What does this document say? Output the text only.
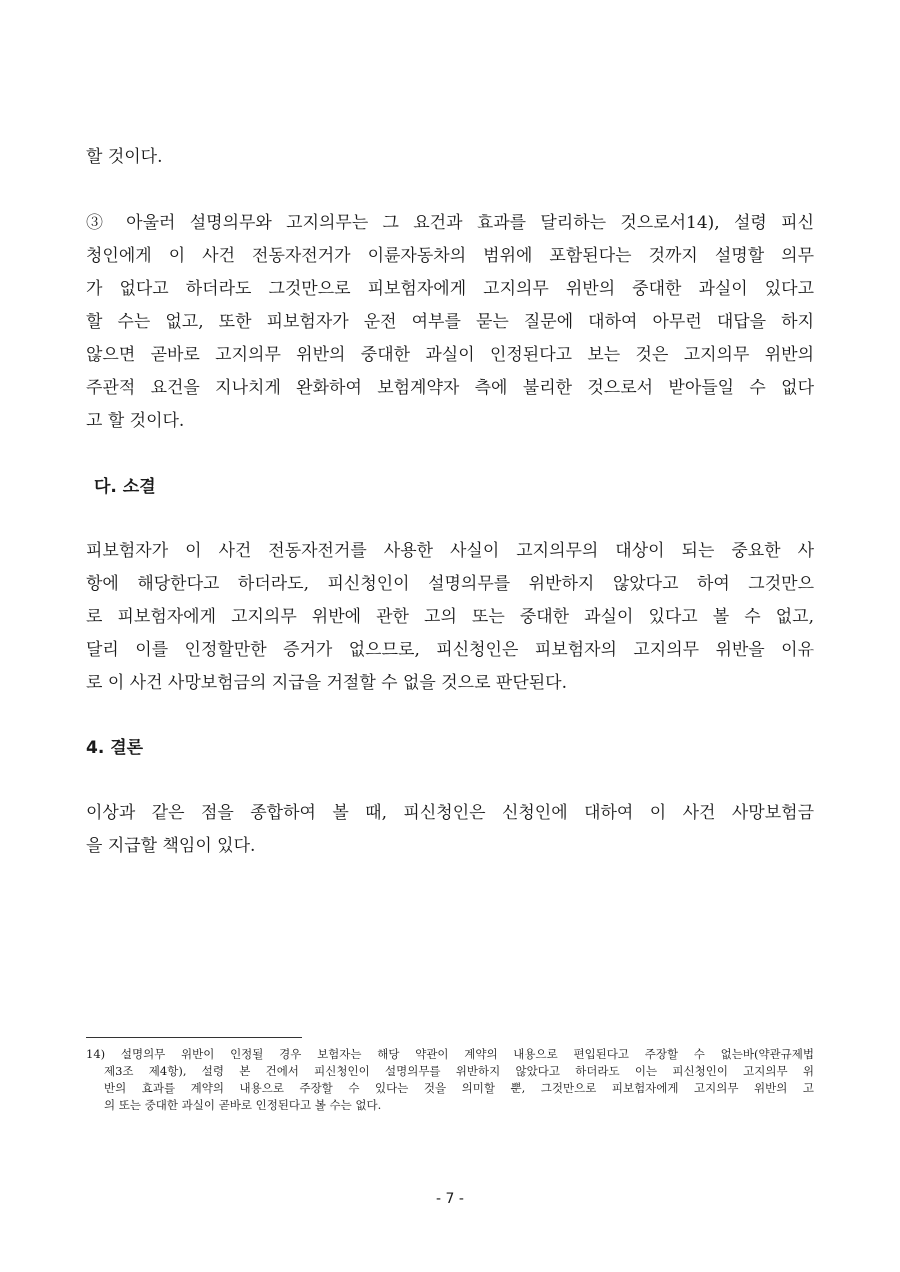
할 것이다.
③ 아울러 설명의무와 고지의무는 그 요건과 효과를 달리하는 것으로서14), 설령 피신
청인에게 이 사건 전동자전거가 이륜자동차의 범위에 포함된다는 것까지 설명할 의무
가 없다고 하더라도 그것만으로 피보험자에게 고지의무 위반의 중대한 과실이 있다고
할 수는 없고, 또한 피보험자가 운전 여부를 묻는 질문에 대하여 아무런 대답을 하지
않으면 곧바로 고지의무 위반의 중대한 과실이 인정된다고 보는 것은 고지의무 위반의
주관적 요건을 지나치게 완화하여 보험계약자 측에 불리한 것으로서 받아들일 수 없다
고 할 것이다.
다. 소결
피보험자가 이 사건 전동자전거를 사용한 사실이 고지의무의 대상이 되는 중요한 사
항에 해당한다고 하더라도, 피신청인이 설명의무를 위반하지 않았다고 하여 그것만으
로 피보험자에게 고지의무 위반에 관한 고의 또는 중대한 과실이 있다고 볼 수 없고,
달리 이를 인정할만한 증거가 없으므로, 피신청인은 피보험자의 고지의무 위반을 이유
로 이 사건 사망보험금의 지급을 거절할 수 없을 것으로 판단된다.
4. 결론
이상과 같은 점을 종합하여 볼 때, 피신청인은 신청인에 대하여 이 사건 사망보험금
을 지급할 책임이 있다.
14) 설명의무 위반이 인정될 경우 보험자는 해당 약관이 계약의 내용으로 편입된다고 주장할 수 없는바(약관규제법
제3조 제4항), 설령 본 건에서 피신청인이 설명의무를 위반하지 않았다고 하더라도 이는 피신청인이 고지의무 위
반의 효과를 계약의 내용으로 주장할 수 있다는 것을 의미할 뿐, 그것만으로 피보험자에게 고지의무 위반의 고
의 또는 중대한 과실이 곧바로 인정된다고 볼 수는 없다.
- 7 -
